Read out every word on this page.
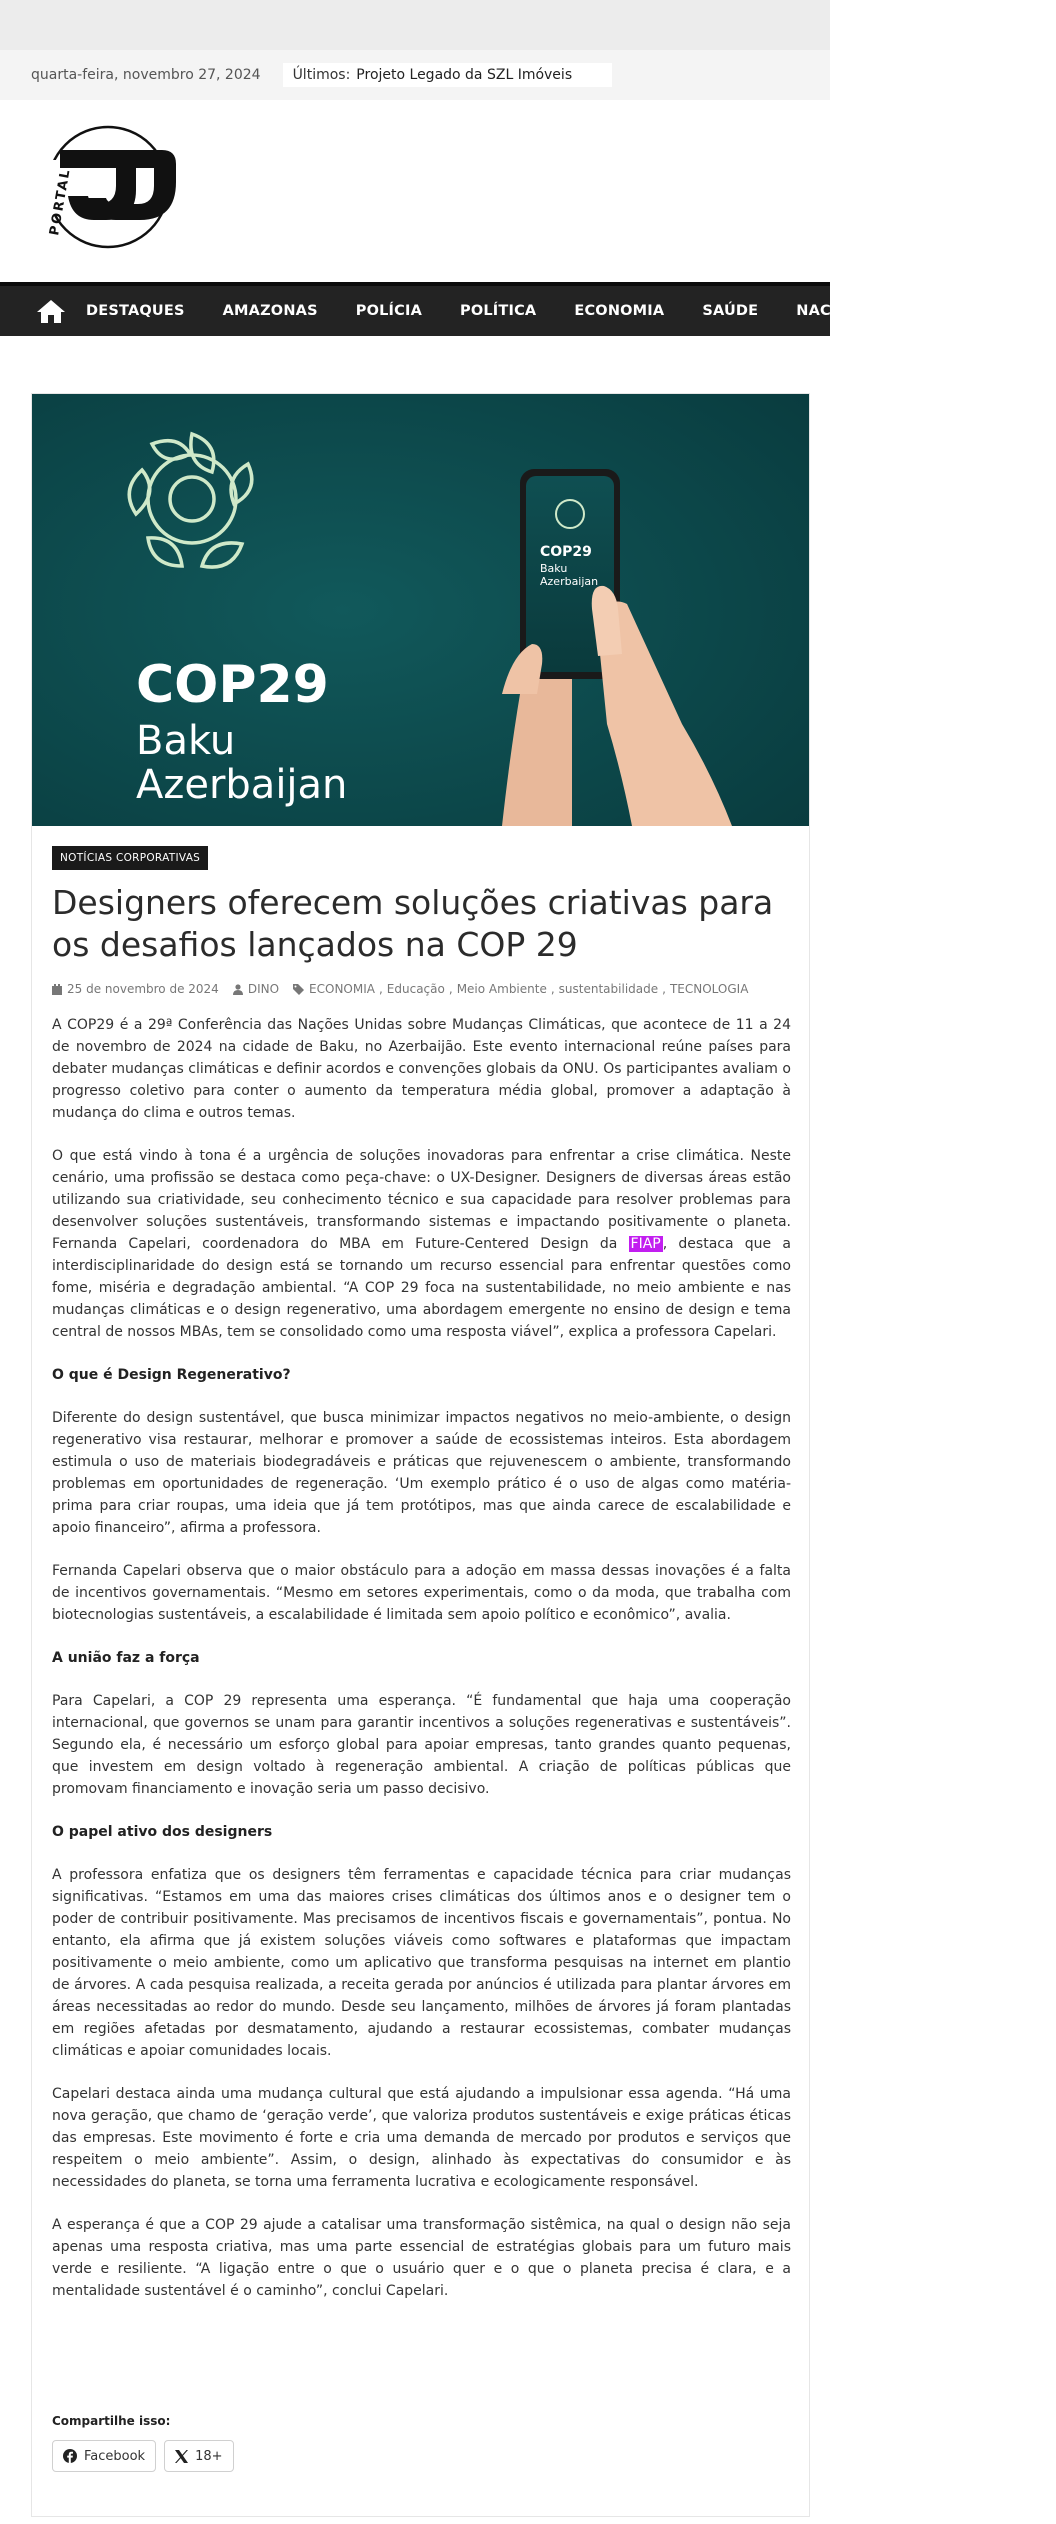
quarta-feira, novembro 27, 2024 Últimos: Projeto Legado da SZL Imóveis
PORTAL
DESTAQUES	AMAZONAS	POLÍCIA	POLÍTICA	ECONOMIA	SAÚDE	NACIONAL	INTERNACIONAL
COP29
Baku
Azerbaijan
COP29
Baku
Azerbaijan
NOTÍCIAS CORPORATIVAS
Designers oferecem soluções criativas para os desafios lançados na COP 29
25 de novembro de 2024 DINO	ECONOMIA , Educação , Meio Ambiente , sustentabilidade , TECNOLOGIA

A COP29 é a 29ª Conferência das Nações Unidas sobre Mudanças Climáticas, que acontece de 11 a 24 de novembro de 2024 na cidade de Baku, no Azerbaijão. Este evento internacional reúne países para debater mudanças climáticas e definir acordos e convenções globais da ONU. Os participantes avaliam o progresso coletivo para conter o aumento da temperatura média global, promover a adaptação à mudança do clima e outros temas.

O que está vindo à tona é a urgência de soluções inovadoras para enfrentar a crise climática. Neste cenário, uma profissão se destaca como peça-chave: o UX-Designer. Designers de diversas áreas estão utilizando sua criatividade, seu conhecimento técnico e sua capacidade para resolver problemas para desenvolver soluções sustentáveis, transformando sistemas e impactando positivamente o planeta. Fernanda Capelari, coordenadora do MBA em Future-Centered Design da FIAP , destaca que a interdisciplinaridade do design está se tornando um recurso essencial para enfrentar questões como fome, miséria e degradação ambiental. “A COP 29 foca na sustentabilidade, no meio ambiente e nas mudanças climáticas e o design regenerativo, uma abordagem emergente no ensino de design e tema central de nossos MBAs, tem se consolidado como uma resposta viável”, explica a professora Capelari.

O que é Design Regenerativo?

Diferente do design sustentável, que busca minimizar impactos negativos no meio-ambiente, o design regenerativo visa restaurar, melhorar e promover a saúde de ecossistemas inteiros. Esta abordagem estimula o uso de materiais biodegradáveis e práticas que rejuvenescem o ambiente, transformando problemas em oportunidades de regeneração. ‘Um exemplo prático é o uso de algas como matéria-prima para criar roupas, uma ideia que já tem protótipos, mas que ainda carece de escalabilidade e apoio financeiro”, afirma a professora.

Fernanda Capelari observa que o maior obstáculo para a adoção em massa dessas inovações é a falta de incentivos governamentais. “Mesmo em setores experimentais, como o da moda, que trabalha com biotecnologias sustentáveis, a escalabilidade é limitada sem apoio político e econômico”, avalia.

A união faz a força

Para Capelari, a COP 29 representa uma esperança. “É fundamental que haja uma cooperação internacional, que governos se unam para garantir incentivos a soluções regenerativas e sustentáveis”. Segundo ela, é necessário um esforço global para apoiar empresas, tanto grandes quanto pequenas, que investem em design voltado à regeneração ambiental. A criação de políticas públicas que promovam financiamento e inovação seria um passo decisivo.

O papel ativo dos designers

A professora enfatiza que os designers têm ferramentas e capacidade técnica para criar mudanças significativas. “Estamos em uma das maiores crises climáticas dos últimos anos e o designer tem o poder de contribuir positivamente. Mas precisamos de incentivos fiscais e governamentais”, pontua. No entanto, ela afirma que já existem soluções viáveis como softwares e plataformas que impactam positivamente o meio ambiente, como um aplicativo que transforma pesquisas na internet em plantio de árvores. A cada pesquisa realizada, a receita gerada por anúncios é utilizada para plantar árvores em áreas necessitadas ao redor do mundo. Desde seu lançamento, milhões de árvores já foram plantadas em regiões afetadas por desmatamento, ajudando a restaurar ecossistemas, combater mudanças climáticas e apoiar comunidades locais.

Capelari destaca ainda uma mudança cultural que está ajudando a impulsionar essa agenda. “Há uma nova geração, que chamo de ‘geração verde’, que valoriza produtos sustentáveis e exige práticas éticas das empresas. Este movimento é forte e cria uma demanda de mercado por produtos e serviços que respeitem o meio ambiente”. Assim, o design, alinhado às expectativas do consumidor e às necessidades do planeta, se torna uma ferramenta lucrativa e ecologicamente responsável.

A esperança é que a COP 29 ajude a catalisar uma transformação sistêmica, na qual o design não seja apenas uma resposta criativa, mas uma parte essencial de estratégias globais para um futuro mais verde e resiliente. “A ligação entre o que o usuário quer e o que o planeta precisa é clara, e a mentalidade sustentável é o caminho”, conclui Capelari.

Compartilhe isso:
Facebook	18+
